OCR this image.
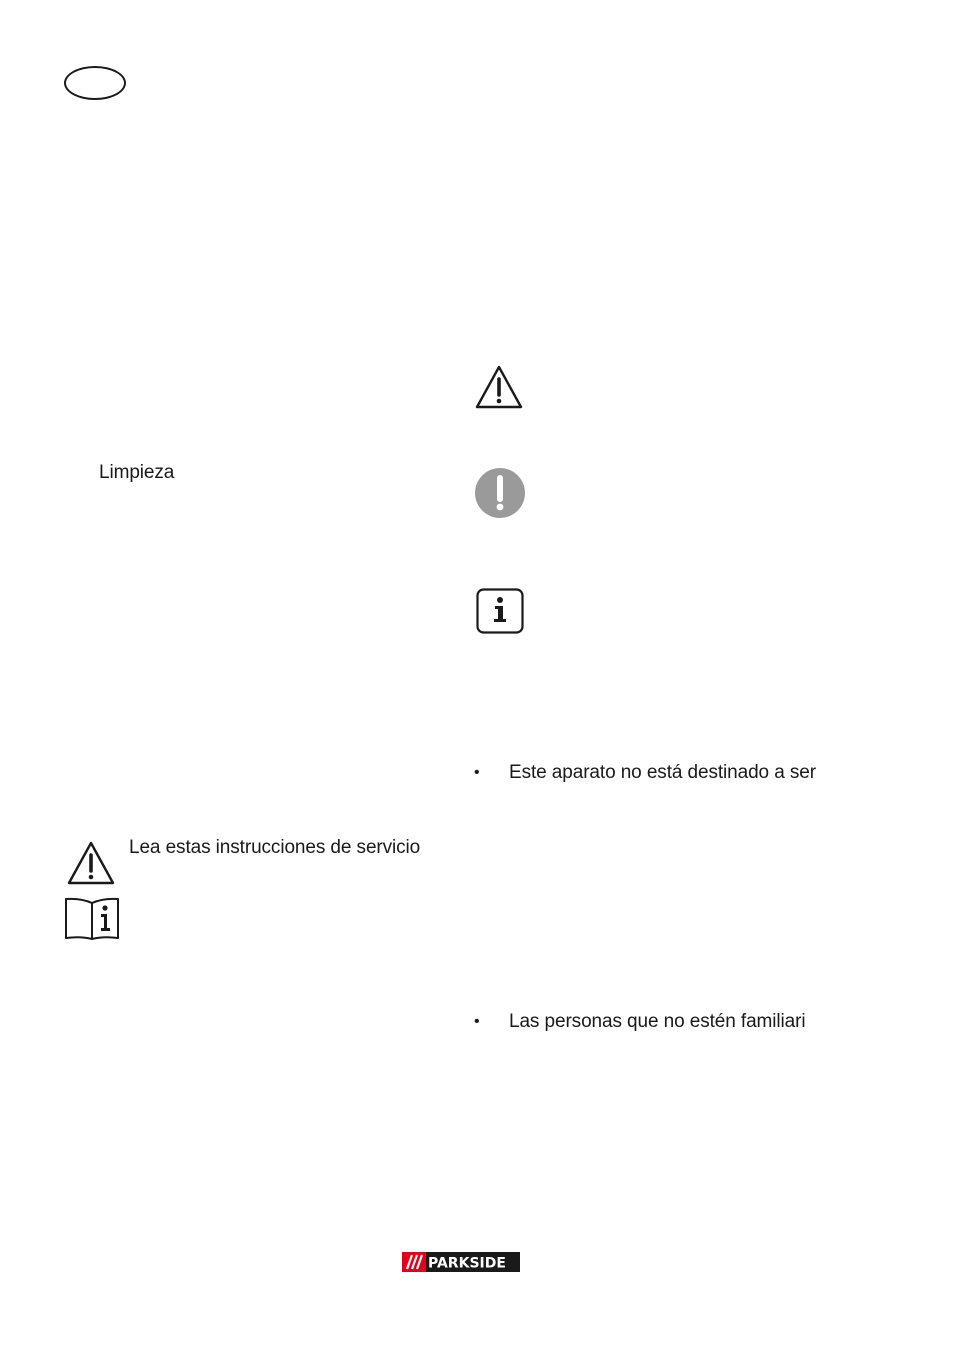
Limpieza
Lea estas instrucciones de servicio
• Este aparato no está destinado a ser
• Las personas que no estén familiari
PARKSIDE
